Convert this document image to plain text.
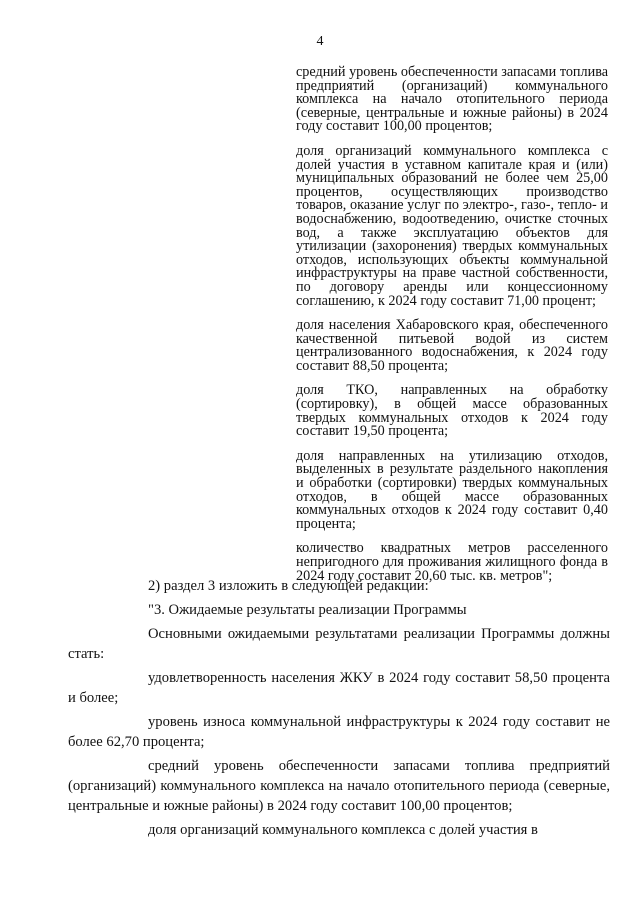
4

средний уровень обеспеченности запасами топлива предприятий (организаций) коммунального комплекса на начало отопительного периода (северные, центральные и южные районы) в 2024 году составит 100,00 процентов;

доля организаций коммунального комплекса с долей участия в уставном капитале края и (или) муниципальных образований не более чем 25,00 процентов, осуществляющих производство товаров, оказание услуг по электро-, газо-, тепло- и водоснабжению, водоотведению, очистке сточных вод, а также эксплуатацию объектов для утилизации (захоронения) твердых коммунальных отходов, использующих объекты коммунальной инфраструктуры на праве частной собственности, по договору аренды или концессионному соглашению, к 2024 году составит 71,00 процент;

доля населения Хабаровского края, обеспеченного качественной питьевой водой из систем централизованного водоснабжения, к 2024 году составит 88,50 процента;

доля ТКО, направленных на обработку (сортировку), в общей массе образованных твердых коммунальных отходов к 2024 году составит 19,50 процента;

доля направленных на утилизацию отходов, выделенных в результате раздельного накопления и обработки (сортировки) твердых коммунальных отходов, в общей массе образованных коммунальных отходов к 2024 году составит 0,40 процента;

количество квадратных метров расселенного непригодного для проживания жилищного фонда в 2024 году составит 20,60 тыс. кв. метров";

2) раздел 3 изложить в следующей редакции:

"3. Ожидаемые результаты реализации Программы

Основными ожидаемыми результатами реализации Программы должны стать:

удовлетворенность населения ЖКУ в 2024 году составит 58,50 процента и более;

уровень износа коммунальной инфраструктуры к 2024 году составит не более 62,70 процента;

средний уровень обеспеченности запасами топлива предприятий (организаций) коммунального комплекса на начало отопительного периода (северные, центральные и южные районы) в 2024 году составит 100,00 процентов;

доля организаций коммунального комплекса с долей участия в
